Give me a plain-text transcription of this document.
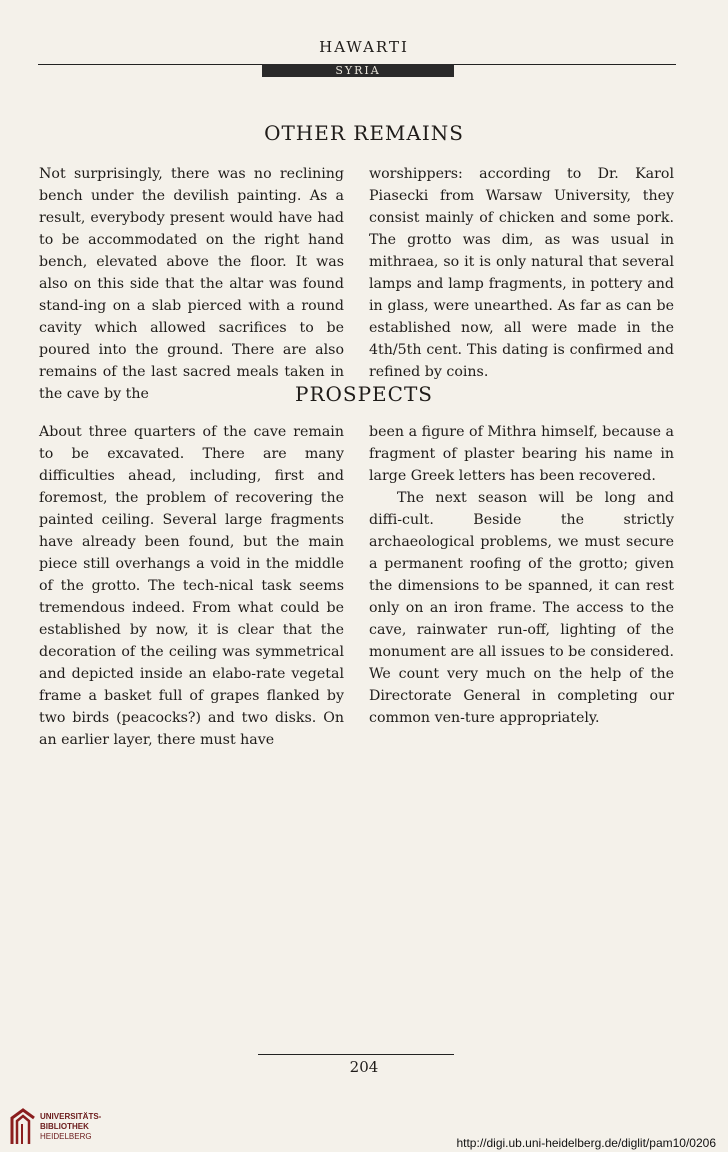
HAWARTI
SYRIA
OTHER REMAINS

Not surprisingly, there was no reclining bench under the devilish painting. As a result, everybody present would have had to be accommodated on the right hand bench, elevated above the floor. It was also on this side that the altar was found stand-ing on a slab pierced with a round cavity which allowed sacrifices to be poured into the ground. There are also remains of the last sacred meals taken in the cave by the

worshippers: according to Dr. Karol Piasecki from Warsaw University, they consist mainly of chicken and some pork. The grotto was dim, as was usual in mithraea, so it is only natural that several lamps and lamp fragments, in pottery and in glass, were unearthed. As far as can be established now, all were made in the 4th/5th cent. This dating is confirmed and refined by coins.

PROSPECTS

About three quarters of the cave remain to be excavated. There are many difficulties ahead, including, first and foremost, the problem of recovering the painted ceiling. Several large fragments have already been found, but the main piece still overhangs a void in the middle of the grotto. The tech-nical task seems tremendous indeed. From what could be established by now, it is clear that the decoration of the ceiling was symmetrical and depicted inside an elabo-rate vegetal frame a basket full of grapes flanked by two birds (peacocks?) and two disks. On an earlier layer, there must have

been a figure of Mithra himself, because a fragment of plaster bearing his name in large Greek letters has been recovered.

The next season will be long and diffi-cult. Beside the strictly archaeological problems, we must secure a permanent roofing of the grotto; given the dimensions to be spanned, it can rest only on an iron frame. The access to the cave, rainwater run-off, lighting of the monument are all issues to be considered. We count very much on the help of the Directorate General in completing our common ven-ture appropriately.

204
UNIVERSITÄTS-
BIBLIOTHEK
HEIDELBERG	http://digi.ub.uni-heidelberg.de/diglit/pam10/0206
